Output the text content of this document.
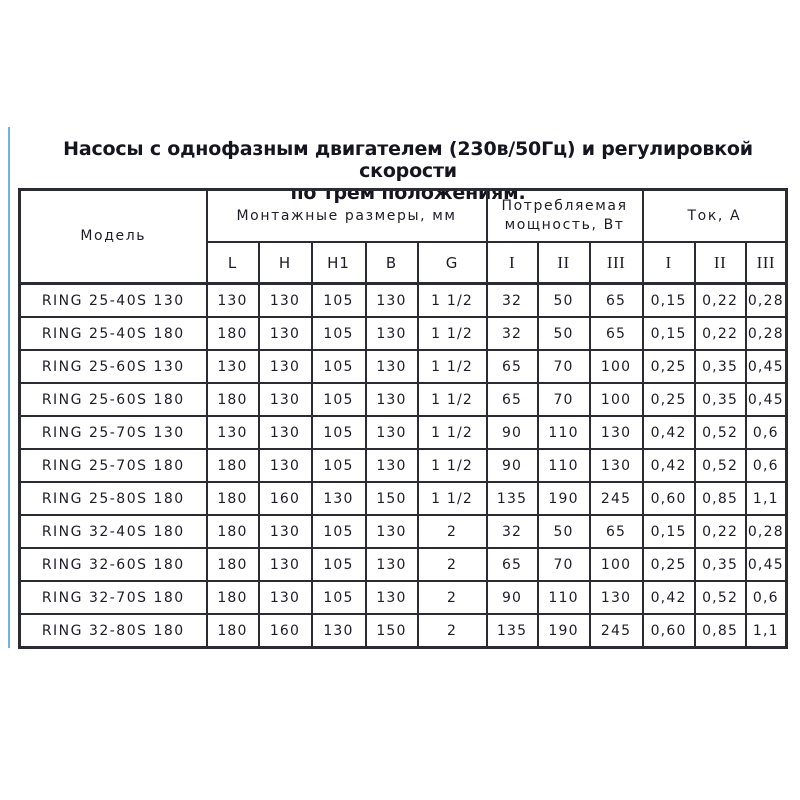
Насосы с однофазным двигателем (230в/50Гц) и регулировкой скорости
по трем положениям.
Модель	Монтажные размеры, мм					Потребляемая мощность, Вт			Ток, А		
	L	H	H1	B	G	I	II	III	I	II	III
RING 25-40S 130	130	130	105	130	1 1/2	32	50	65	0,15	0,22	0,28
RING 25-40S 180	180	130	105	130	1 1/2	32	50	65	0,15	0,22	0,28
RING 25-60S 130	130	130	105	130	1 1/2	65	70	100	0,25	0,35	0,45
RING 25-60S 180	180	130	105	130	1 1/2	65	70	100	0,25	0,35	0,45
RING 25-70S 130	130	130	105	130	1 1/2	90	110	130	0,42	0,52	0,6
RING 25-70S 180	180	130	105	130	1 1/2	90	110	130	0,42	0,52	0,6
RING 25-80S 180	180	160	130	150	1 1/2	135	190	245	0,60	0,85	1,1
RING 32-40S 180	180	130	105	130	2	32	50	65	0,15	0,22	0,28
RING 32-60S 180	180	130	105	130	2	65	70	100	0,25	0,35	0,45
RING 32-70S 180	180	130	105	130	2	90	110	130	0,42	0,52	0,6
RING 32-80S 180	180	160	130	150	2	135	190	245	0,60	0,85	1,1
